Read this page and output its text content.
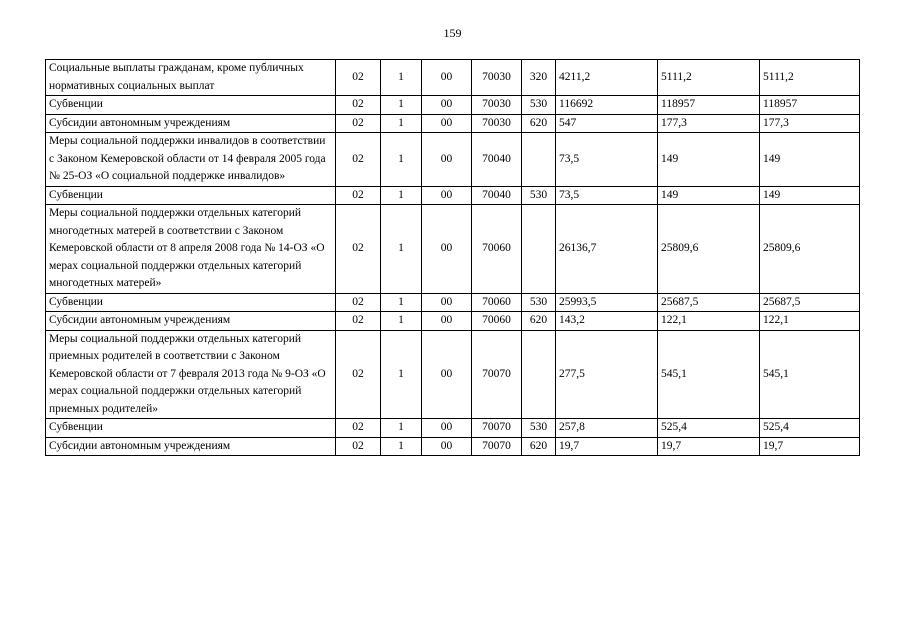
159
Социальные выплаты гражданам, кроме публичных нормативных социальных выплат	02	1	00	70030	320	4211,2	5111,2	5111,2
Субвенции	02	1	00	70030	530	116692	118957	118957
Субсидии автономным учреждениям	02	1	00	70030	620	547	177,3	177,3
Меры социальной поддержки инвалидов в соответствии с Законом Кемеровской области от 14 февраля 2005 года № 25-ОЗ «О социальной поддержке инвалидов»	02	1	00	70040		73,5	149	149
Субвенции	02	1	00	70040	530	73,5	149	149
Меры социальной поддержки отдельных категорий многодетных матерей в соответствии с Законом Кемеровской области от 8 апреля 2008 года № 14-ОЗ «О мерах социальной поддержки отдельных категорий многодетных матерей»	02	1	00	70060		26136,7	25809,6	25809,6
Субвенции	02	1	00	70060	530	25993,5	25687,5	25687,5
Субсидии автономным учреждениям	02	1	00	70060	620	143,2	122,1	122,1
Меры социальной поддержки отдельных категорий приемных родителей в соответствии с Законом Кемеровской области от 7 февраля 2013 года № 9-ОЗ «О мерах социальной поддержки отдельных категорий приемных родителей»	02	1	00	70070		277,5	545,1	545,1
Субвенции	02	1	00	70070	530	257,8	525,4	525,4
Субсидии автономным учреждениям	02	1	00	70070	620	19,7	19,7	19,7
